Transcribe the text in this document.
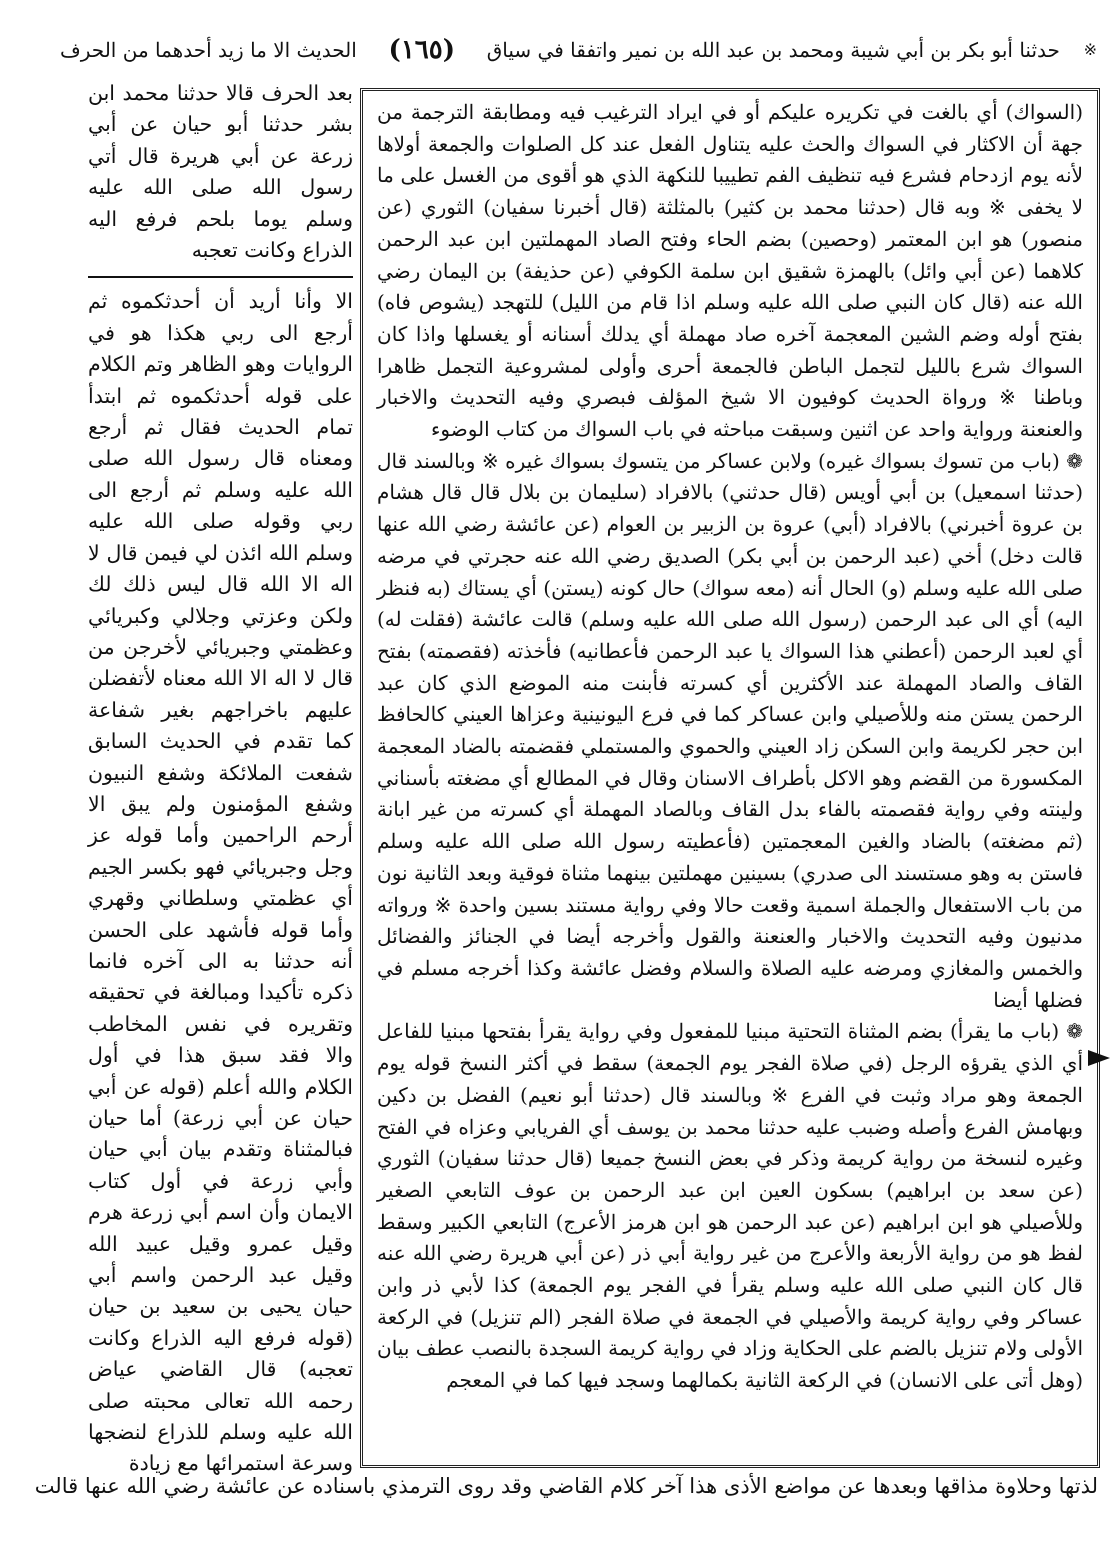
※
حدثنا أبو بكر بن أبي شيبة ومحمد بن عبد الله بن نمير واتفقا في سياق
(١٦٥)
الحديث الا ما زيد أحدهما من الحرف

بعد الحرف قالا حدثنا محمد ابن بشر حدثنا أبو حيان عن أبي زرعة عن أبي هريرة قال أتي رسول الله صلى الله عليه وسلم يوما بلحم فرفع اليه الذراع وكانت تعجبه

الا وأنا أريد أن أحدثكموه ثم أرجع الى ربي هكذا هو في الروايات وهو الظاهر وتم الكلام على قوله أحدثكموه ثم ابتدأ تمام الحديث فقال ثم أرجع ومعناه قال رسول الله صلى الله عليه وسلم ثم أرجع الى ربي وقوله صلى الله عليه وسلم الله ائذن لي فيمن قال لا اله الا الله قال ليس ذلك لك ولكن وعزتي وجلالي وكبريائي وعظمتي وجبريائي لأخرجن من قال لا اله الا الله معناه لأتفضلن عليهم باخراجهم بغير شفاعة كما تقدم في الحديث السابق شفعت الملائكة وشفع النبيون وشفع المؤمنون ولم يبق الا أرحم الراحمين وأما قوله عز وجل وجبريائي فهو بكسر الجيم أي عظمتي وسلطاني وقهري وأما قوله فأشهد على الحسن أنه حدثنا به الى آخره فانما ذكره تأكيدا ومبالغة في تحقيقه وتقريره في نفس المخاطب والا فقد سبق هذا في أول الكلام والله أعلم (قوله عن أبي حيان عن أبي زرعة) أما حيان فبالمثناة وتقدم بيان أبي حيان وأبي زرعة في أول كتاب الايمان وأن اسم أبي زرعة هرم وقيل عمرو وقيل عبيد الله وقيل عبد الرحمن واسم أبي حيان يحيى بن سعيد بن حيان (قوله فرفع اليه الذراع وكانت تعجبه) قال القاضي عياض رحمه الله تعالى محبته صلى الله عليه وسلم للذراع لنضجها وسرعة استمرائها مع زيادة

(السواك) أي بالغت في تكريره عليكم أو في ايراد الترغيب فيه ومطابقة الترجمة من جهة أن الاكثار في السواك والحث عليه يتناول الفعل عند كل الصلوات والجمعة أولاها لأنه يوم ازدحام فشرع فيه تنظيف الفم تطييبا للنكهة الذي هو أقوى من الغسل على ما لا يخفى ※ وبه قال (حدثنا محمد بن كثير) بالمثلثة (قال أخبرنا سفيان) الثوري (عن منصور) هو ابن المعتمر (وحصين) بضم الحاء وفتح الصاد المهملتين ابن عبد الرحمن كلاهما (عن أبي وائل) بالهمزة شقيق ابن سلمة الكوفي (عن حذيفة) بن اليمان رضي الله عنه (قال كان النبي صلى الله عليه وسلم اذا قام من الليل) للتهجد (يشوص فاه) بفتح أوله وضم الشين المعجمة آخره صاد مهملة أي يدلك أسنانه أو يغسلها واذا كان السواك شرع بالليل لتجمل الباطن فالجمعة أحرى وأولى لمشروعية التجمل ظاهرا وباطنا ※ ورواة الحديث كوفيون الا شيخ المؤلف فبصري وفيه التحديث والاخبار والعنعنة ورواية واحد عن اثنين وسبقت مباحثه في باب السواك من كتاب الوضوء

❁ (باب من تسوك بسواك غيره) ولابن عساكر من يتسوك بسواك غيره ※ وبالسند قال (حدثنا اسمعيل) بن أبي أويس (قال حدثني) بالافراد (سليمان بن بلال قال قال هشام بن عروة أخبرني) بالافراد (أبي) عروة بن الزبير بن العوام (عن عائشة رضي الله عنها قالت دخل) أخي (عبد الرحمن بن أبي بكر) الصديق رضي الله عنه حجرتي في مرضه صلى الله عليه وسلم (و) الحال أنه (معه سواك) حال كونه (يستن) أي يستاك (به فنظر اليه) أي الى عبد الرحمن (رسول الله صلى الله عليه وسلم) قالت عائشة (فقلت له) أي لعبد الرحمن (أعطني هذا السواك يا عبد الرحمن فأعطانيه) فأخذته (فقصمته) بفتح القاف والصاد المهملة عند الأكثرين أي كسرته فأبنت منه الموضع الذي كان عبد الرحمن يستن منه وللأصيلي وابن عساكر كما في فرع اليونينية وعزاها العيني كالحافظ ابن حجر لكريمة وابن السكن زاد العيني والحموي والمستملي فقضمته بالضاد المعجمة المكسورة من القضم وهو الاكل بأطراف الاسنان وقال في المطالع أي مضغته بأسناني ولينته وفي رواية فقصمته بالفاء بدل القاف وبالصاد المهملة أي كسرته من غير ابانة (ثم مضغته) بالضاد والغين المعجمتين (فأعطيته رسول الله صلى الله عليه وسلم فاستن به وهو مستسند الى صدري) بسينين مهملتين بينهما مثناة فوقية وبعد الثانية نون من باب الاستفعال والجملة اسمية وقعت حالا وفي رواية مستند بسين واحدة ※ ورواته مدنيون وفيه التحديث والاخبار والعنعنة والقول وأخرجه أيضا في الجنائز والفضائل والخمس والمغازي ومرضه عليه الصلاة والسلام وفضل عائشة وكذا أخرجه مسلم في فضلها أيضا

❁ (باب ما يقرأ) بضم المثناة التحتية مبنيا للمفعول وفي رواية يقرأ بفتحها مبنيا للفاعل أي الذي يقرؤه الرجل (في صلاة الفجر يوم الجمعة) سقط في أكثر النسخ قوله يوم الجمعة وهو مراد وثبت في الفرع ※ وبالسند قال (حدثنا أبو نعيم) الفضل بن دكين وبهامش الفرع وأصله وضبب عليه حدثنا محمد بن يوسف أي الفريابي وعزاه في الفتح وغيره لنسخة من رواية كريمة وذكر في بعض النسخ جميعا (قال حدثنا سفيان) الثوري (عن سعد بن ابراهيم) بسكون العين ابن عبد الرحمن بن عوف التابعي الصغير وللأصيلي هو ابن ابراهيم (عن عبد الرحمن هو ابن هرمز الأعرج) التابعي الكبير وسقط لفظ هو من رواية الأربعة والأعرج من غير رواية أبي ذر (عن أبي هريرة رضي الله عنه قال كان النبي صلى الله عليه وسلم يقرأ في الفجر يوم الجمعة) كذا لأبي ذر وابن عساكر وفي رواية كريمة والأصيلي في الجمعة في صلاة الفجر (الم تنزيل) في الركعة الأولى ولام تنزيل بالضم على الحكاية وزاد في رواية كريمة السجدة بالنصب عطف بيان (وهل أتى على الانسان) في الركعة الثانية بكمالهما وسجد فيها كما في المعجم

لذتها وحلاوة مذاقها وبعدها عن مواضع الأذى هذا آخر كلام القاضي وقد روى الترمذي باسناده عن عائشة رضي الله عنها قالت
